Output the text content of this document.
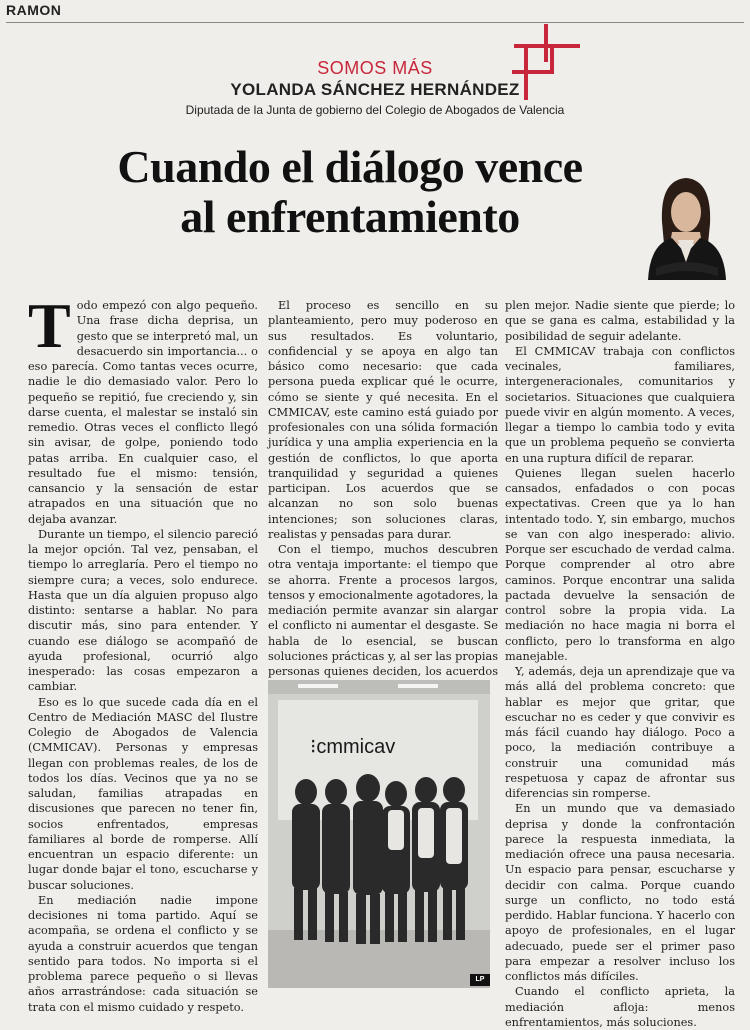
RAMON
SOMOS MÁS
YOLANDA SÁNCHEZ HERNÁNDEZ
Diputada de la Junta de gobierno del Colegio de Abogados de Valencia
Cuando el diálogo vence
al enfrentamiento
T odo empezó con algo pequeño. Una frase dicha deprisa, un gesto que se interpretó mal, un desacuerdo sin importancia... o eso parecía. Como tantas veces ocurre, nadie le dio demasiado valor. Pero lo pequeño se repitió, fue creciendo y, sin darse cuenta, el malestar se instaló sin remedio. Otras veces el conflicto llegó sin avisar, de golpe, poniendo todo patas arriba. En cualquier caso, el resultado fue el mismo: tensión, cansancio y la sensación de estar atrapados en una situación que no dejaba avanzar.

Durante un tiempo, el silencio pareció la mejor opción. Tal vez, pensaban, el tiempo lo arreglaría. Pero el tiempo no siempre cura; a veces, solo endurece. Hasta que un día alguien propuso algo distinto: sentarse a hablar. No para discutir más, sino para entender. Y cuando ese diálogo se acompañó de ayuda profesional, ocurrió algo inesperado: las cosas empezaron a cambiar.

Eso es lo que sucede cada día en el Centro de Mediación MASC del Ilustre Colegio de Abogados de Valencia (CMMICAV). Personas y empresas llegan con problemas reales, de los de todos los días. Vecinos que ya no se saludan, familias atrapadas en discusiones que parecen no tener fin, socios enfrentados, empresas familiares al borde de romperse. Allí encuentran un espacio diferente: un lugar donde bajar el tono, escucharse y buscar soluciones.

En mediación nadie impone decisiones ni toma partido. Aquí se acompaña, se ordena el conflicto y se ayuda a construir acuerdos que tengan sentido para todos. No importa si el problema parece pequeño o si llevas años arrastrándose: cada situación se trata con el mismo cuidado y respeto.

El proceso es sencillo en su planteamiento, pero muy poderoso en sus resultados. Es voluntario, confidencial y se apoya en algo tan básico como necesario: que cada persona pueda explicar qué le ocurre, cómo se siente y qué necesita. En el CMMICAV, este camino está guiado por profesionales con una sólida formación jurídica y una amplia experiencia en la gestión de conflictos, lo que aporta tranquilidad y seguridad a quienes participan. Los acuerdos que se alcanzan no son solo buenas intenciones; son soluciones claras, realistas y pensadas para durar.

Con el tiempo, muchos descubren otra ventaja importante: el tiempo que se ahorra. Frente a procesos largos, tensos y emocionalmente agotadores, la mediación permite avanzar sin alargar el conflicto ni aumentar el desgaste. Se habla de lo esencial, se buscan soluciones prácticas y, al ser las propias personas quienes deciden, los acuerdos

⁝cmmicav
LP

plen mejor. Nadie siente que pierde; lo que se gana es calma, estabilidad y la posibilidad de seguir adelante.

El CMMICAV trabaja con conflictos vecinales, familiares, intergeneracionales, comunitarios y societarios. Situaciones que cualquiera puede vivir en algún momento. A veces, llegar a tiempo lo cambia todo y evita que un problema pequeño se convierta en una ruptura difícil de reparar.

Quienes llegan suelen hacerlo cansados, enfadados o con pocas expectativas. Creen que ya lo han intentado todo. Y, sin embargo, muchos se van con algo inesperado: alivio. Porque ser escuchado de verdad calma. Porque comprender al otro abre caminos. Porque encontrar una salida pactada devuelve la sensación de control sobre la propia vida. La mediación no hace magia ni borra el conflicto, pero lo transforma en algo manejable.

Y, además, deja un aprendizaje que va más allá del problema concreto: que hablar es mejor que gritar, que escuchar no es ceder y que convivir es más fácil cuando hay diálogo. Poco a poco, la mediación contribuye a construir una comunidad más respetuosa y capaz de afrontar sus diferencias sin romperse.

En un mundo que va demasiado deprisa y donde la confrontación parece la respuesta inmediata, la mediación ofrece una pausa necesaria. Un espacio para pensar, escucharse y decidir con calma. Porque cuando surge un conflicto, no todo está perdido. Hablar funciona. Y hacerlo con apoyo de profesionales, en el lugar adecuado, puede ser el primer paso para empezar a resolver incluso los conflictos más difíciles.

Cuando el conflicto aprieta, la mediación afloja: menos enfrentamientos, más soluciones.
